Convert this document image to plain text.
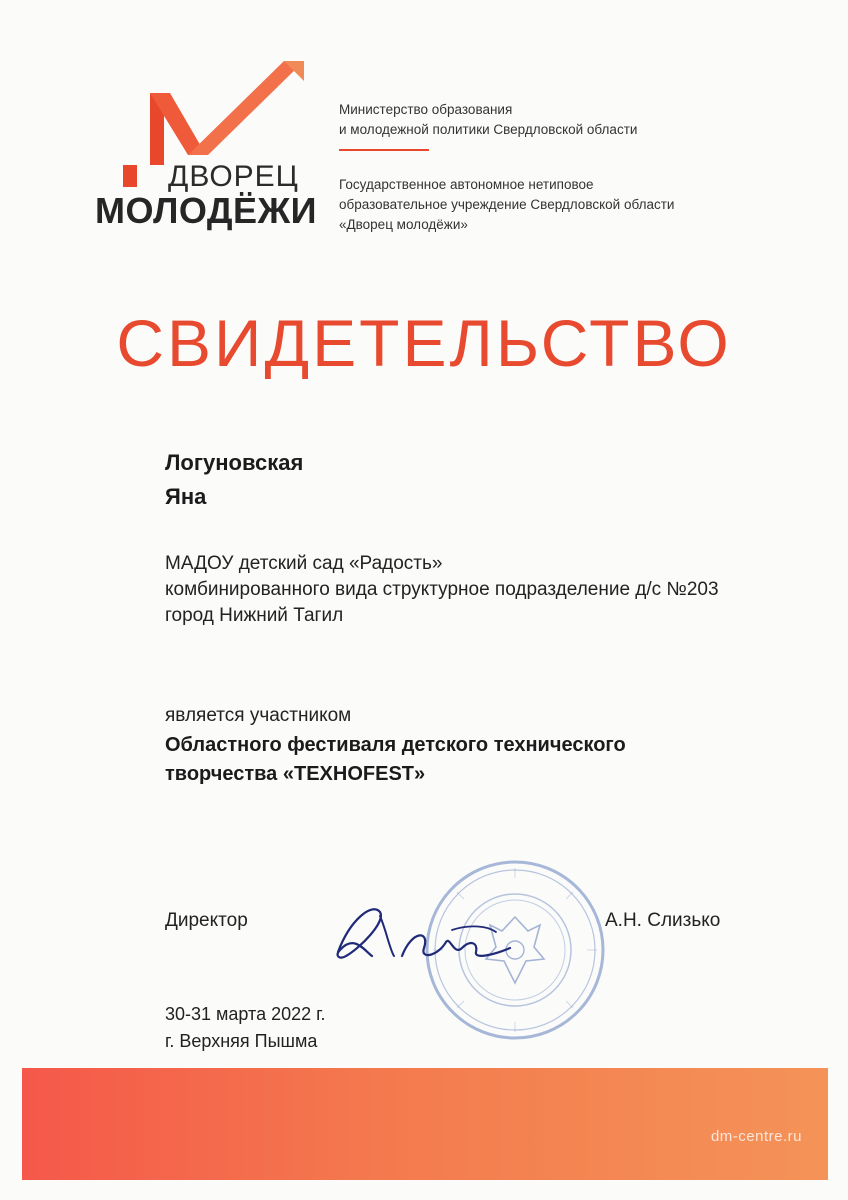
ДВОРЕЦ
МОЛОДЁЖИ
Министерство образования
и молодежной политики Свердловской области
Государственное автономное нетиповое
образовательное учреждение Свердловской области
«Дворец молодёжи»
СВИДЕТЕЛЬСТВО
Логуновская
Яна
МАДОУ детский сад «Радость»
комбинированного вида структурное подразделение д/с №203
город Нижний Тагил
является участником
Областного фестиваля детского технического
творчества «ТЕХНОFEST»
Директор	А.Н. Слизько
30-31 марта 2022 г.
г. Верхняя Пышма
dm-centre.ru
